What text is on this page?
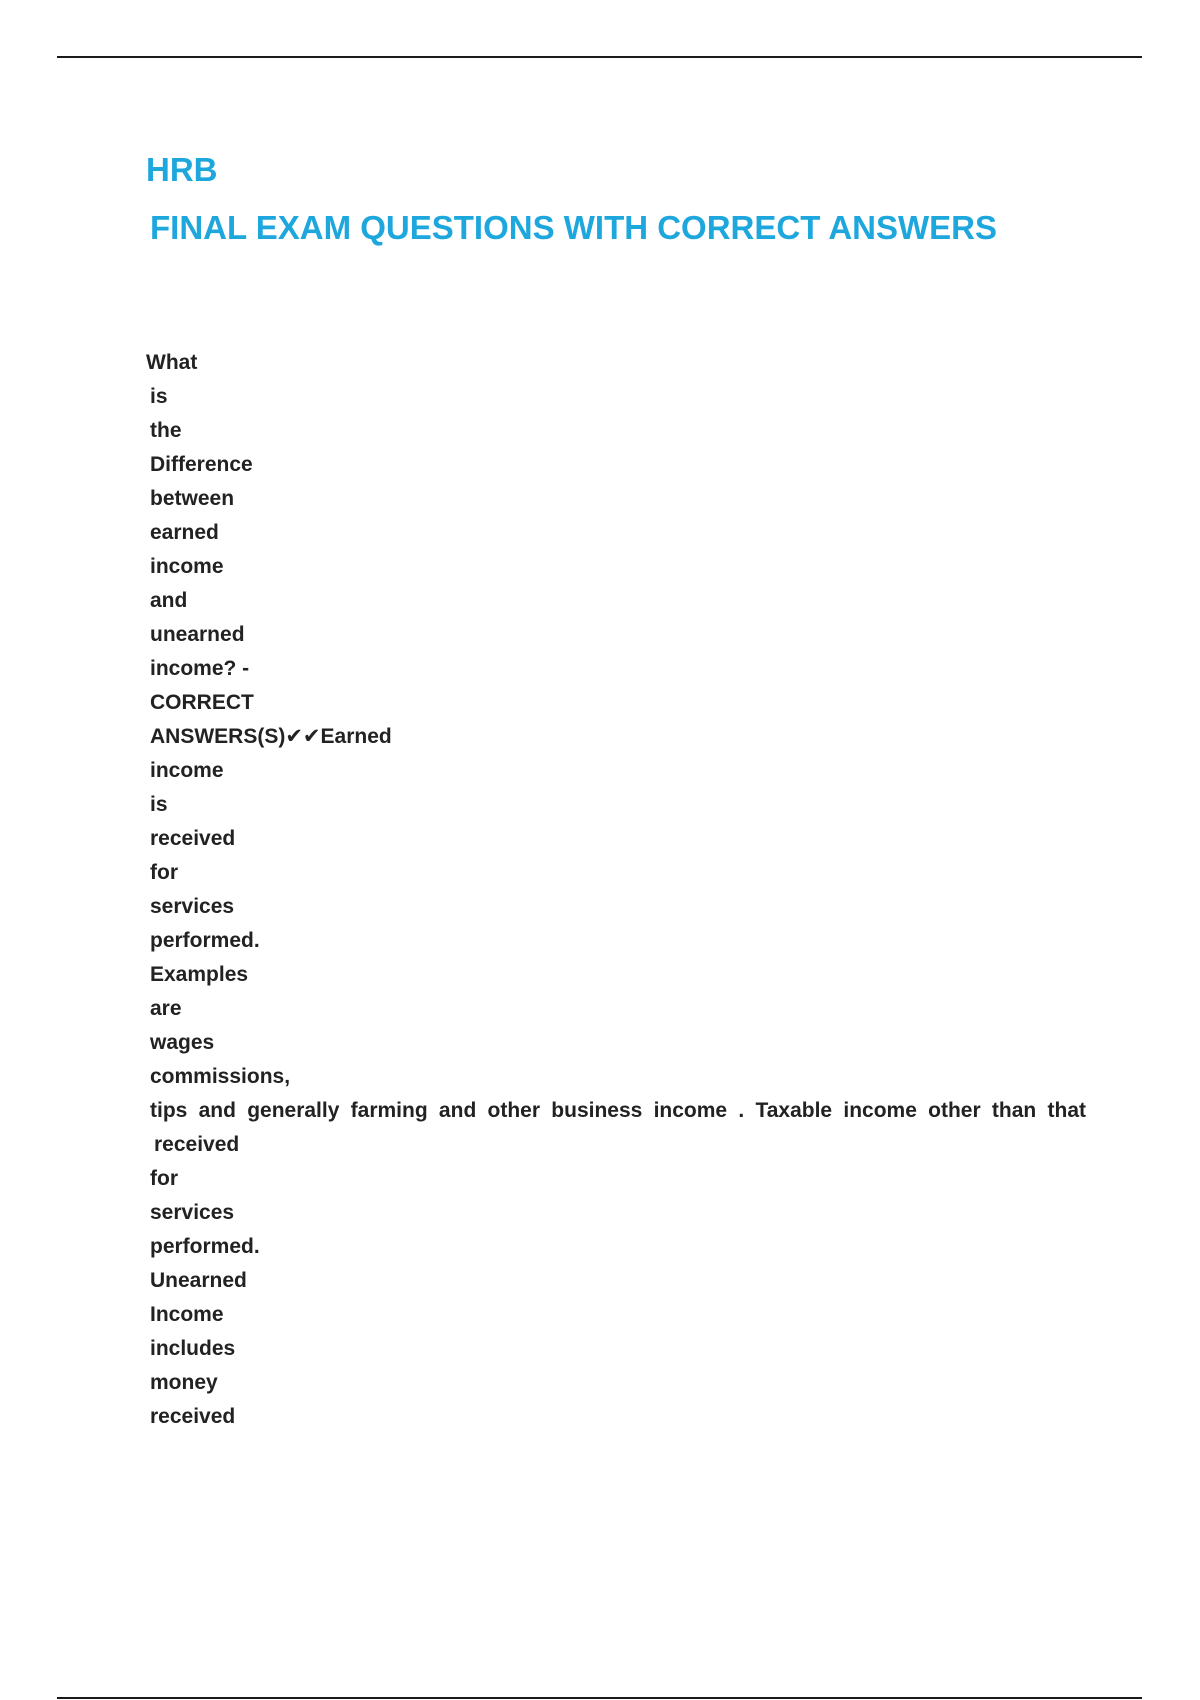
HRB
FINAL EXAM QUESTIONS WITH CORRECT ANSWERS
What
is
the
Difference
between
earned
income
and
unearned
income? -
CORRECT
ANSWERS(S)✔✔Earned
income
is
received
for
services
performed.
Examples
are
wages
commissions,
tips and generally farming and other business income . Taxable income other than that
received
for
services
performed.
Unearned
Income
includes
money
received
